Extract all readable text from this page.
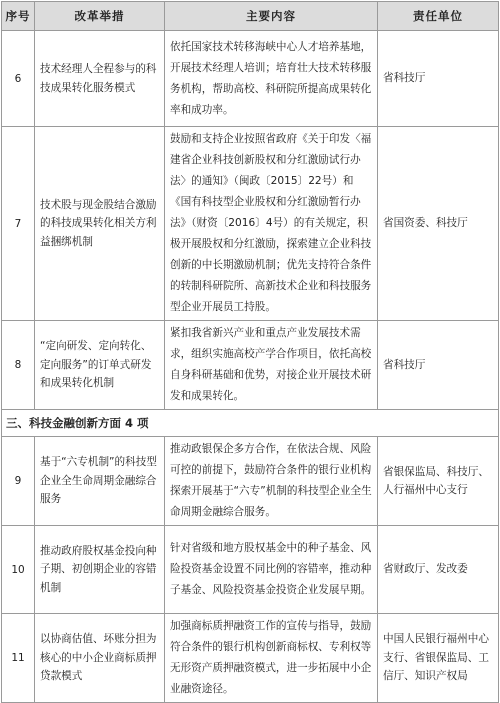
序号	改革举措	主要内容	责任单位
6	技术经理人全程参与的科技成果转化服务模式	依托国家技术转移海峡中心人才培养基地，开展技术经理人培训；培育壮大技术转移服务机构，帮助高校、科研院所提高成果转化率和成功率。	省科技厅

7	技术股与现金股结合激励的科技成果转化相关方利益捆绑机制	鼓励和支持企业按照省政府《关于印发〈福建省企业科技创新股权和分红激励试行办法〉的通知》（闽政〔2015〕22号）和《国有科技型企业股权和分红激励暂行办法》（财资〔2016〕4号）的有关规定，积极开展股权和分红激励，探索建立企业科技创新的中长期激励机制；优先支持符合条件的转制科研院所、高新技术企业和科技服务型企业开展员工持股。	省国资委、科技厅

8	“定向研发、定向转化、定向服务”的订单式研发和成果转化机制	紧扣我省新兴产业和重点产业发展技术需求，组织实施高校产学合作项目，依托高校自身科研基础和优势，对接企业开展技术研发和成果转化。	省科技厅

三、科技金融创新方面 4 项			
9	基于“六专机制”的科技型企业全生命周期金融综合服务	推动政银保企多方合作，在依法合规、风险可控的前提下，鼓励符合条件的银行业机构探索开展基于“六专”机制的科技型企业全生命周期金融综合服务。	省银保监局、科技厅、人行福州中心支行

10	推动政府股权基金投向种子期、初创期企业的容错机制	针对省级和地方股权基金中的种子基金、风险投资基金设置不同比例的容错率，推动种子基金、风险投资基金投资企业发展早期。	省财政厅、发改委

11	以协商估值、坏账分担为核心的中小企业商标质押贷款模式	加强商标质押融资工作的宣传与指导，鼓励符合条件的银行机构创新商标权、专利权等无形资产质押融资模式，进一步拓展中小企业融资途径。	中国人民银行福州中心支行、省银保监局、工信厅、知识产权局
